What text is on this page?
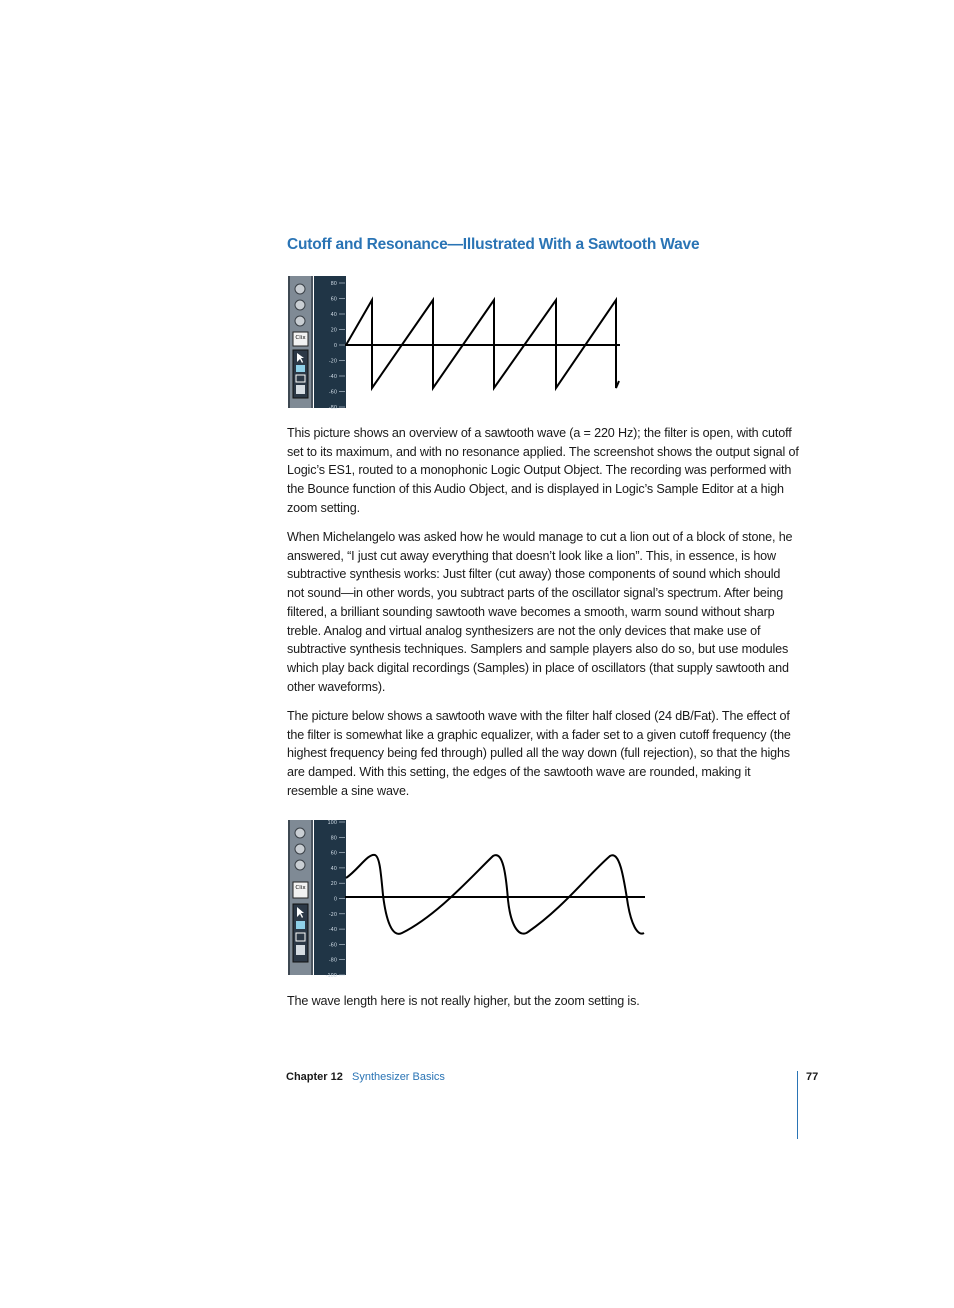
Cutoff and Resonance—Illustrated With a Sawtooth Wave
Clix
80
60
40
20
0
-20
-40
-60
-80

This picture shows an overview of a sawtooth wave (a = 220 Hz); the filter is open, with cutoff set to its maximum, and with no resonance applied. The screenshot shows the output signal of Logic’s ES1, routed to a monophonic Logic Output Object. The recording was performed with the Bounce function of this Audio Object, and is displayed in Logic’s Sample Editor at a high zoom setting.

When Michelangelo was asked how he would manage to cut a lion out of a block of stone, he answered, “I just cut away everything that doesn’t look like a lion”. This, in essence, is how subtractive synthesis works: Just filter (cut away) those components of sound which should not sound—in other words, you subtract parts of the oscillator signal’s spectrum. After being filtered, a brilliant sounding sawtooth wave becomes a smooth, warm sound without sharp treble. Analog and virtual analog synthesizers are not the only devices that make use of subtractive synthesis techniques. Samplers and sample players also do so, but use modules which play back digital recordings (Samples) in place of oscillators (that supply sawtooth and other waveforms).

The picture below shows a sawtooth wave with the filter half closed (24 dB/Fat). The effect of the filter is somewhat like a graphic equalizer, with a fader set to a given cutoff frequency (the highest frequency being fed through) pulled all the way down (full rejection), so that the highs are damped. With this setting, the edges of the sawtooth wave are rounded, making it resemble a sine wave.

Clix
100
80
60
40
20
0
-20
-40
-60
-80
-100

The wave length here is not really higher, but the zoom setting is.

Chapter 12 Synthesizer Basics	77
